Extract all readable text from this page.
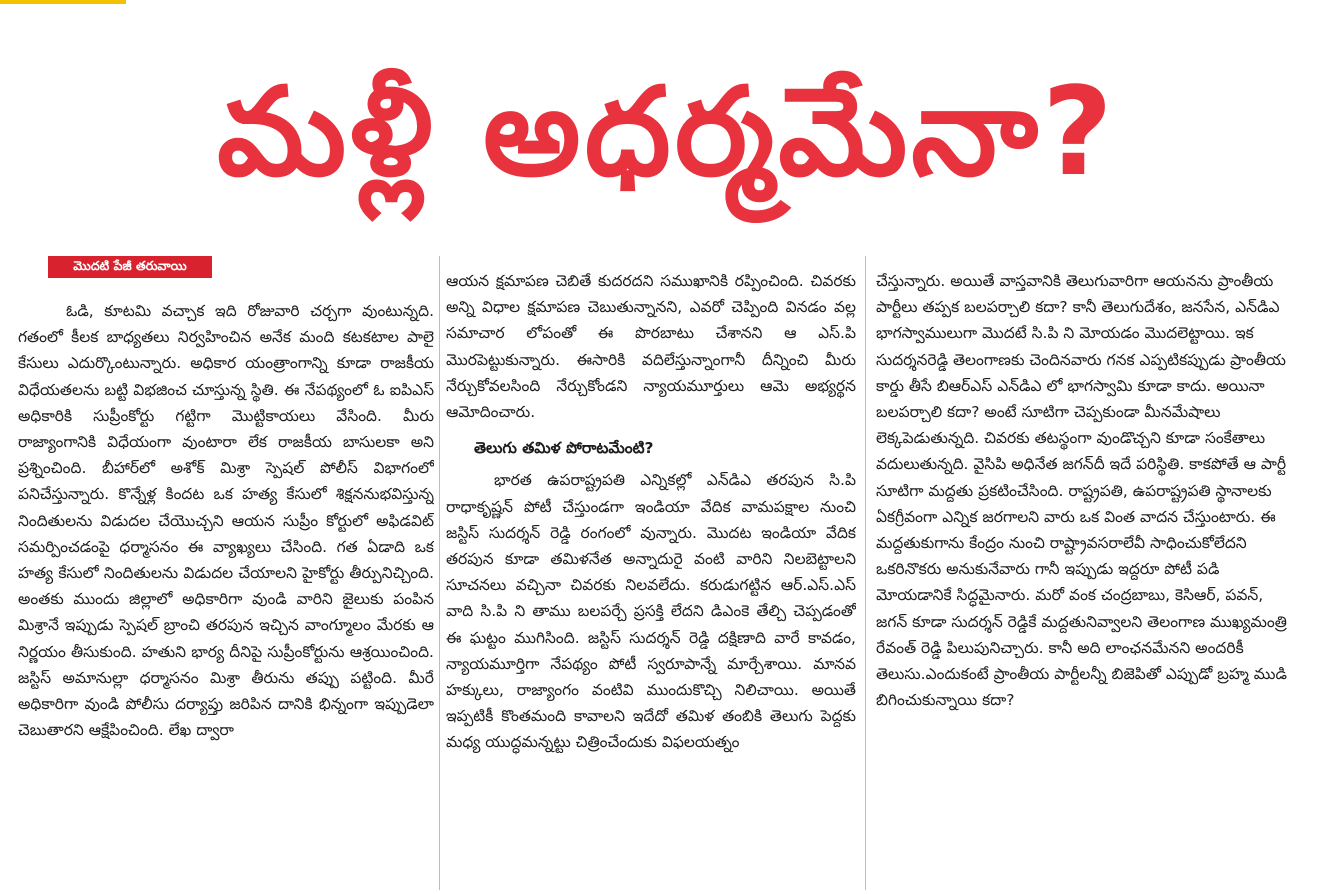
మళ్లీ అధర్మమేనా?
మొదటి పేజీ తరువాయి

ఓడి, కూటమి వచ్చాక ఇది రోజువారి చర్చగా వుంటున్నది. గతంలో కీలక బాధ్యతలు నిర్వహించిన అనేక మంది కటకటాల పాలై కేసులు ఎదుర్కొంటున్నారు. అధికార యంత్రాంగాన్ని కూడా రాజకీయ విధేయతలను బట్టి విభజించ చూస్తున్న స్థితి. ఈ నేపథ్యంలో ఓ ఐపిఎస్ అధికారికి సుప్రీంకోర్టు గట్టిగా మొట్టికాయలు వేసింది. మీరు రాజ్యాంగానికి విధేయంగా వుంటారా లేక రాజకీయ బాసులకా అని ప్రశ్నించింది. బీహార్‌లో అశోక్ మిశ్రా స్పెషల్ పోలీస్ విభాగంలో పనిచేస్తున్నారు. కొన్నేళ్ల కిందట ఒక హత్య కేసులో శిక్షననుభవిస్తున్న నిందితులను విడుదల చేయొచ్చని ఆయన సుప్రీం కోర్టులో అఫిడవిట్ సమర్పించడంపై ధర్మాసనం ఈ వ్యాఖ్యలు చేసింది. గత ఏడాది ఒక హత్య కేసులో నిందితులను విడుదల చేయాలని హైకోర్టు తీర్పునిచ్చింది. అంతకు ముందు జిల్లాలో అధికారిగా వుండి వారిని జైలుకు పంపిన మిశ్రానే ఇప్పుడు స్పెషల్ బ్రాంచి తరపున ఇచ్చిన వాంగ్మూలం మేరకు ఆ నిర్ణయం తీసుకుంది. హతుని భార్య దీనిపై సుప్రీంకోర్టును ఆశ్రయించింది. జస్టిస్ అమానుల్లా ధర్మాసనం మిశ్రా తీరును తప్పు పట్టింది. మీరే అధికారిగా వుండి పోలీసు దర్యాప్తు జరిపిన దానికి భిన్నంగా ఇప్పుడెలా చెబుతారని ఆక్షేపించింది. లేఖ ద్వారా

ఆయన క్షమాపణ చెబితే కుదరదని సముఖానికి రప్పించింది. చివరకు అన్ని విధాల క్షమాపణ చెబుతున్నానని, ఎవరో చెప్పింది వినడం వల్ల సమాచార లోపంతో ఈ పొరబాటు చేశానని ఆ ఎస్.పి మొరపెట్టుకున్నారు. ఈసారికి వదిలేస్తున్నాంగానీ దీన్నించి మీరు నేర్చుకోవలసింది నేర్చుకోండని న్యాయమూర్తులు ఆమె అభ్యర్థన ఆమోదించారు.

తెలుగు తమిళ పోరాటమేంటి?

భారత ఉపరాష్ట్రపతి ఎన్నికల్లో ఎన్‌డిఎ తరపున సి.పి రాధాకృష్ణన్ పోటీ చేస్తుండగా ఇండియా వేదిక వామపక్షాల నుంచి జస్టిస్ సుదర్శన్ రెడ్డి రంగంలో వున్నారు. మొదట ఇండియా వేదిక తరపున కూడా తమిళనేత అన్నాదురై వంటి వారిని నిలబెట్టాలని సూచనలు వచ్చినా చివరకు నిలవలేదు. కరుడుగట్టిన ఆర్.ఎస్.ఎస్ వాది సి.పి ని తాము బలపర్చే ప్రసక్తి లేదని డిఎంకె తేల్చి చెప్పడంతో ఈ ఘట్టం ముగిసింది. జస్టిస్ సుదర్శన్ రెడ్డి దక్షిణాది వారే కావడం, న్యాయమూర్తిగా నేపథ్యం పోటీ స్వరూపాన్నే మార్చేశాయి. మానవ హక్కులు, రాజ్యాంగం వంటివి ముందుకొచ్చి నిలిచాయి. అయితే ఇప్పటికీ కొంతమంది కావాలని ఇదేదో తమిళ తంబికి తెలుగు పెద్దకు మధ్య యుద్ధమన్నట్టు చిత్రించేందుకు విఫలయత్నం

చేస్తున్నారు. అయితే వాస్తవానికి తెలుగువారిగా ఆయనను ప్రాంతీయ పార్టీలు తప్పక బలపర్చాలి కదా? కానీ తెలుగుదేశం, జనసేన, ఎన్‌డిఎ భాగస్వాములుగా మొదటే సి.పి ని మోయడం మొదలెట్టాయి. ఇక సుదర్శనరెడ్డి తెలంగాణకు చెందినవారు గనక ఎప్పటికప్పుడు ప్రాంతీయ కార్డు తీసే బిఆర్ఎస్ ఎన్‌డిఎ లో భాగస్వామి కూడా కాదు. అయినా బలపర్చాలి కదా? అంటే సూటిగా చెప్పకుండా మీనమేషాలు లెక్కపెడుతున్నది. చివరకు తటస్థంగా వుండొచ్చని కూడా సంకేతాలు వదులుతున్నది. వైసిపి అధినేత జగన్‌దీ ఇదే పరిస్థితి. కాకపోతే ఆ పార్టీ సూటిగా మద్దతు ప్రకటించేసింది. రాష్ట్రపతి, ఉపరాష్ట్రపతి స్థానాలకు ఏకగ్రీవంగా ఎన్నిక జరగాలని వారు ఒక వింత వాదన చేస్తుంటారు. ఈ మద్దతుకుగాను కేంద్రం నుంచి రాష్ట్రావసరాలేవీ సాధించుకోలేదని ఒకరినొకరు అనుకునేవారు గానీ ఇప్పుడు ఇద్దరూ పోటీ పడి మోయడానికే సిద్ధమైనారు. మరో వంక చంద్రబాబు, కెసిఆర్, పవన్, జగన్ కూడా సుదర్శన్ రెడ్డికే మద్దతునివ్వాలని తెలంగాణ ముఖ్యమంత్రి రేవంత్ రెడ్డి పిలుపునిచ్చారు. కానీ అది లాంఛనమేనని అందరికీ తెలుసు.ఎందుకంటే ప్రాంతీయ పార్టీలన్నీ బిజెపితో ఎప్పుడో బ్రహ్మ ముడి బిగించుకున్నాయి కదా?
